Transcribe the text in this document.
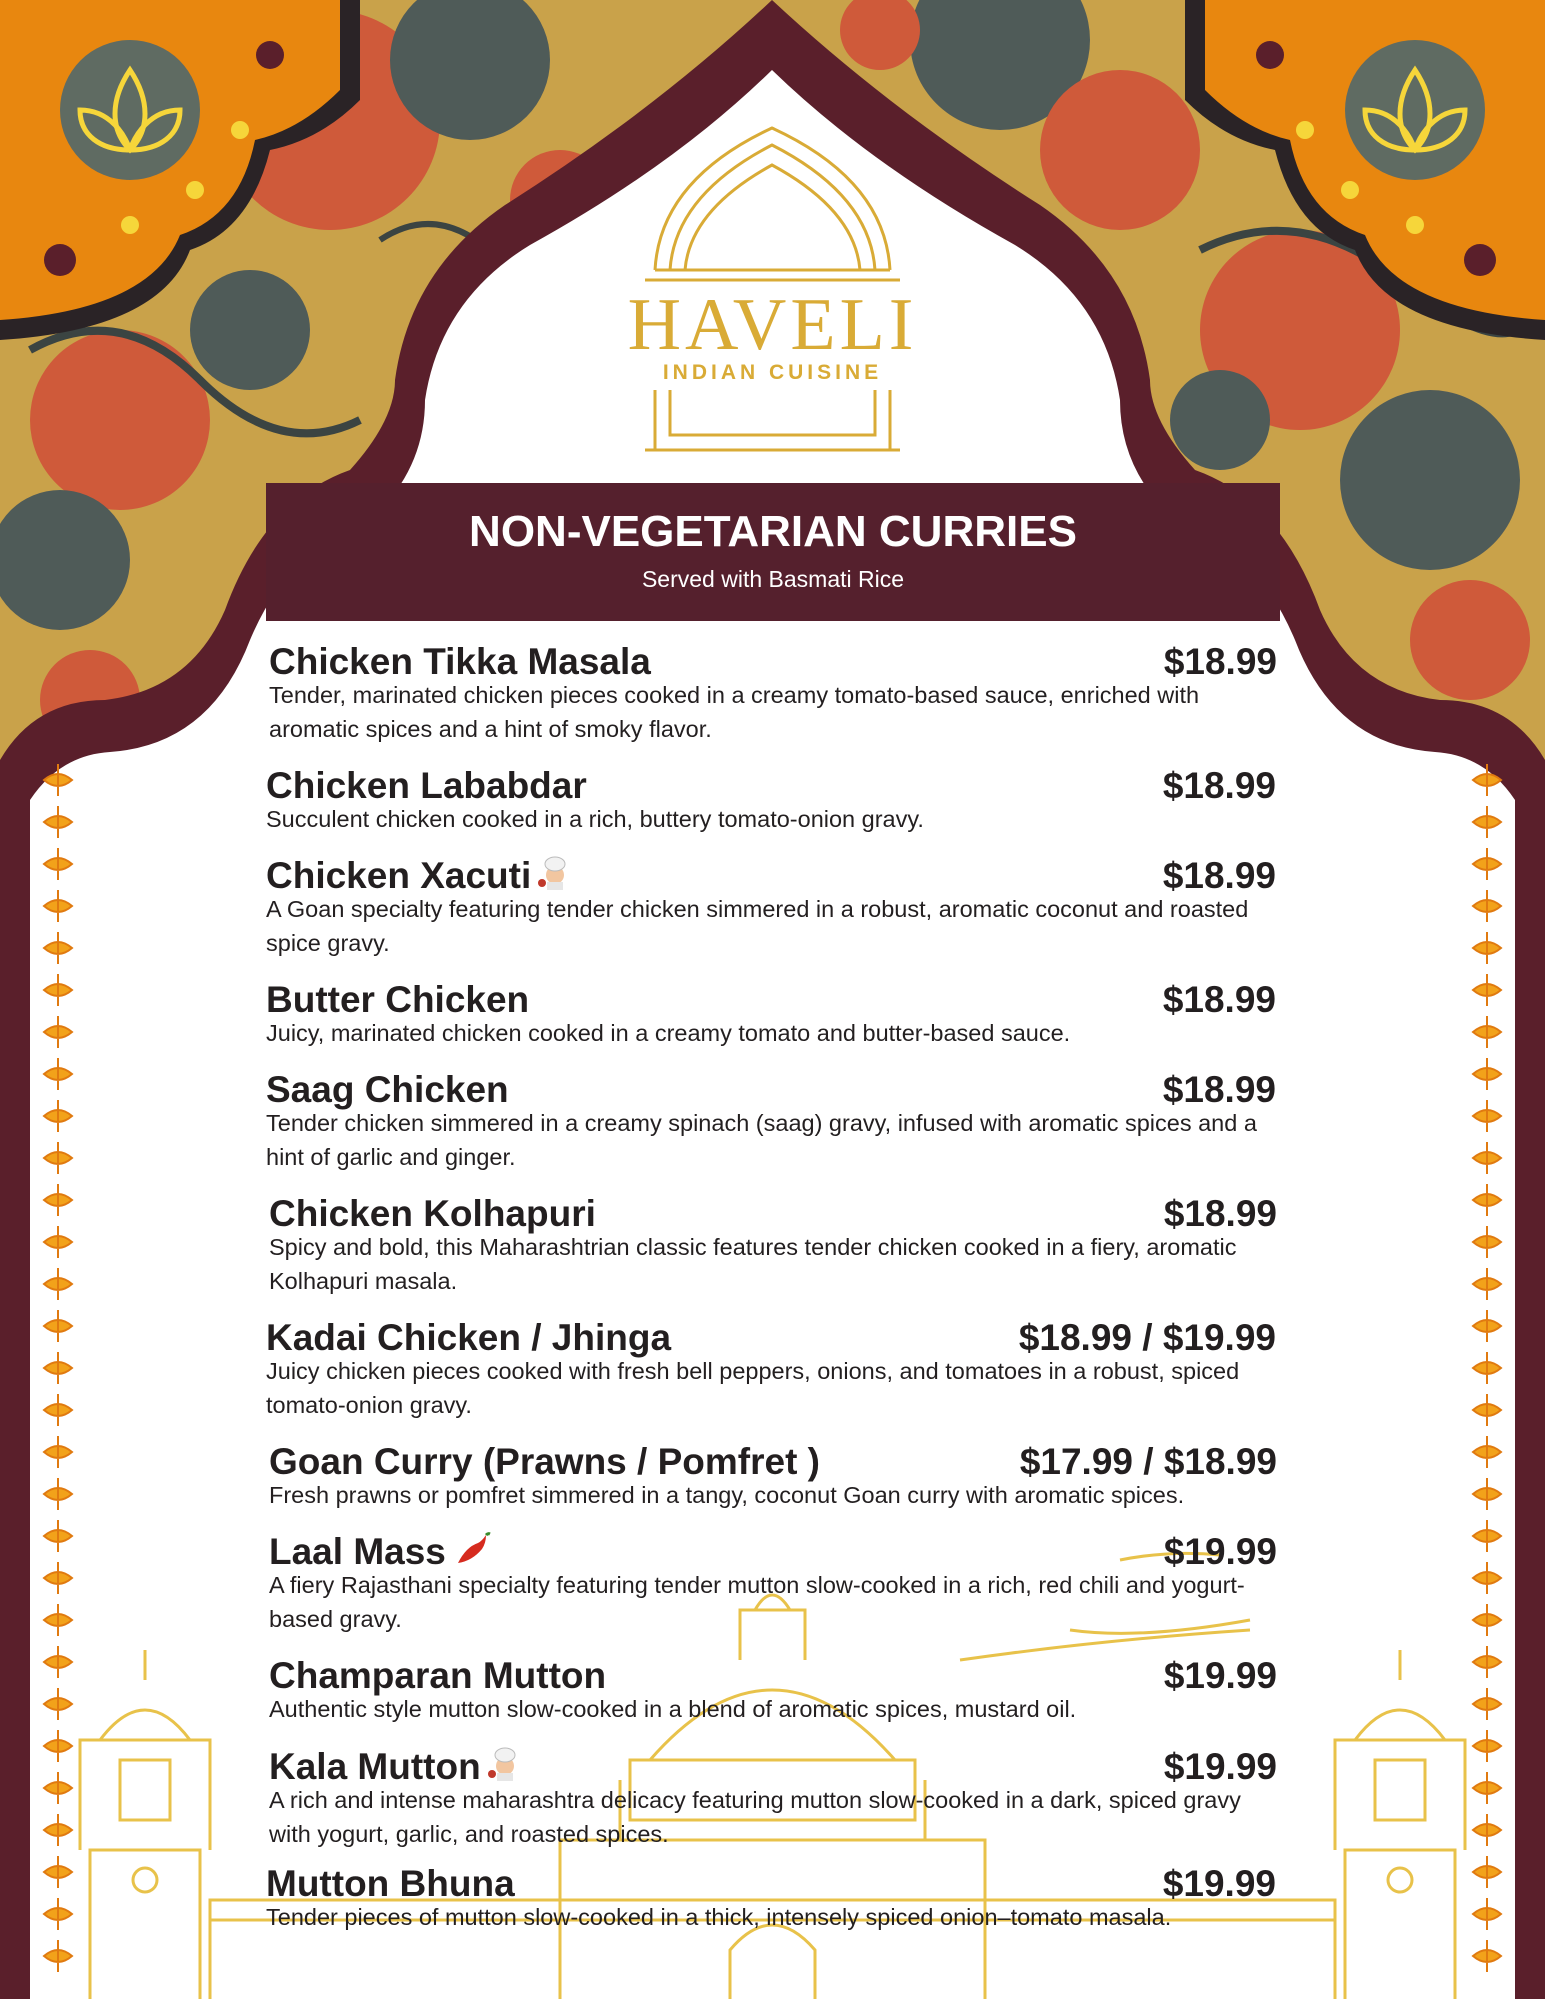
HAVELI
INDIAN CUISINE
NON-VEGETARIAN CURRIES
Served with Basmati Rice
Chicken Tikka Masala	$18.99
Tender, marinated chicken pieces cooked in a creamy tomato-based sauce, enriched with aromatic spices and a hint of smoky flavor.
Chicken Lababdar	$18.99
Succulent chicken cooked in a rich, buttery tomato-onion gravy.
Chicken Xacuti	$18.99
A Goan specialty featuring tender chicken simmered in a robust, aromatic coconut and roasted spice gravy.
Butter Chicken	$18.99
Juicy, marinated chicken cooked in a creamy tomato and butter-based sauce.
Saag Chicken	$18.99
Tender chicken simmered in a creamy spinach (saag) gravy, infused with aromatic spices and a hint of garlic and ginger.
Chicken Kolhapuri	$18.99
Spicy and bold, this Maharashtrian classic features tender chicken cooked in a fiery, aromatic Kolhapuri masala.
Kadai Chicken / Jhinga	$18.99 / $19.99
Juicy chicken pieces cooked with fresh bell peppers, onions, and tomatoes in a robust, spiced tomato-onion gravy.
Goan Curry (Prawns / Pomfret )	$17.99 / $18.99
Fresh prawns or pomfret simmered in a tangy, coconut Goan curry with aromatic spices.
Laal Mass	$19.99
A fiery Rajasthani specialty featuring tender mutton slow-cooked in a rich, red chili and yogurt-based gravy.
Champaran Mutton	$19.99
Authentic style mutton slow-cooked in a blend of aromatic spices, mustard oil.
Kala Mutton	$19.99
A rich and intense maharashtra delicacy featuring mutton slow-cooked in a dark, spiced gravy with yogurt, garlic, and roasted spices.
Mutton Bhuna	$19.99
Tender pieces of mutton slow-cooked in a thick, intensely spiced onion–tomato masala.
